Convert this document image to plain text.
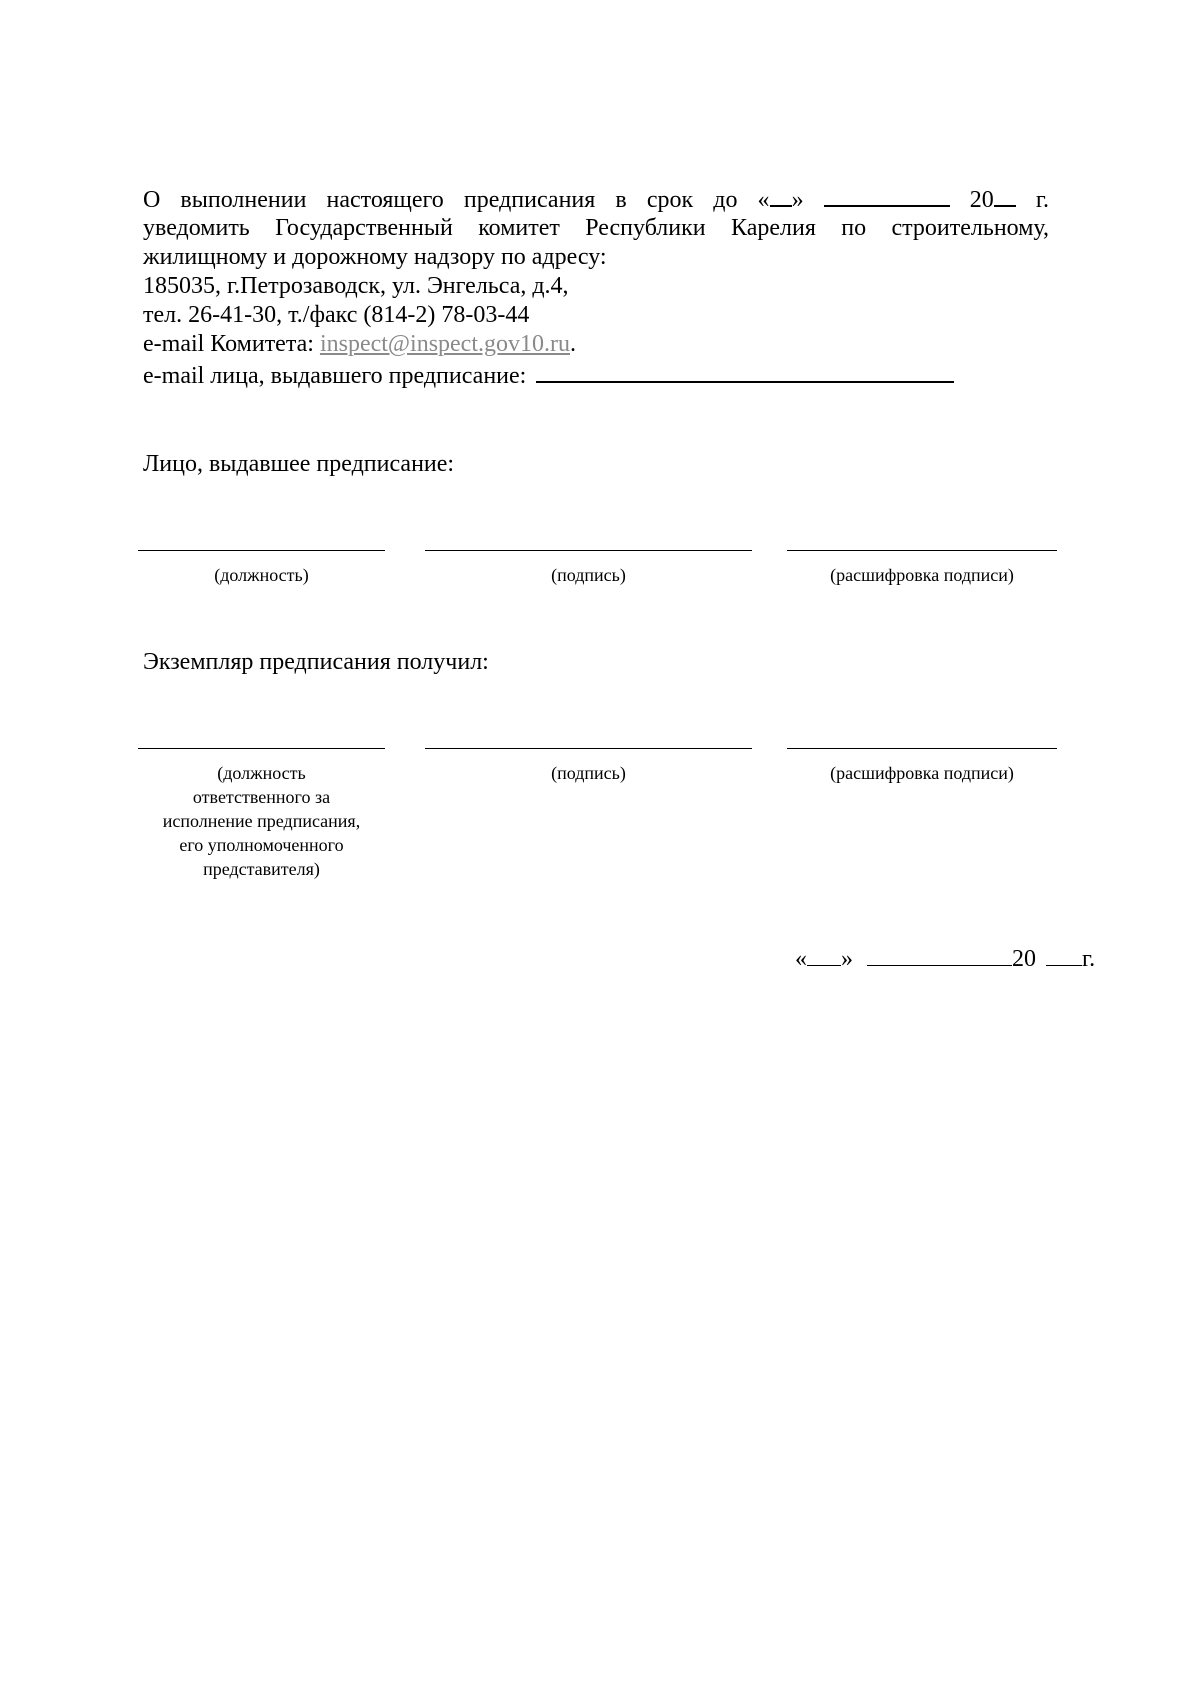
О выполнении настоящего предписания в срок до « »	20 г.
уведомить Государственный комитет Республики Карелия по строительному,
жилищному и дорожному надзору по адресу:
185035, г.Петрозаводск, ул. Энгельса, д.4,
тел. 26-41-30, т./факс (814-2) 78-03-44
e-mail Комитета: inspect@inspect.gov10.ru.
e-mail лица, выдавшего предписание:
Лицо, выдавшее предписание:
(должность)	(подпись)	(расшифровка подписи)
Экземпляр предписания получил:
(должность
ответственного за
исполнение предписания,
его уполномоченного
представителя)
(подпись)	(расшифровка подписи)
« »	20 г.
